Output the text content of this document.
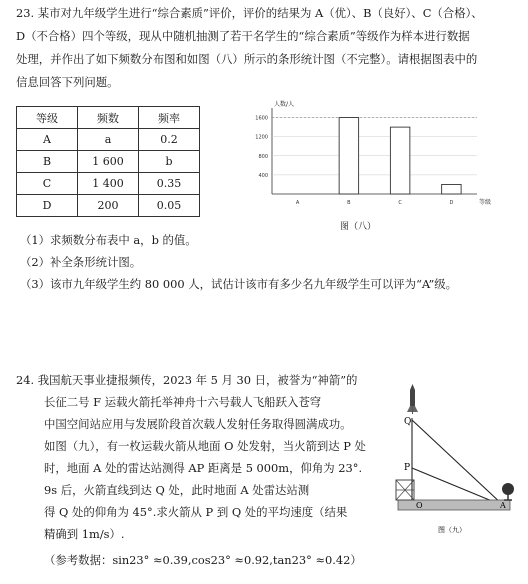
23. 某市对九年级学生进行“综合素质”评价，评价的结果为 A（优）、B（良好）、C（合格）、
D（不合格）四个等级，现从中随机抽测了若干名学生的“综合素质”等级作为样本进行数据
处理，并作出了如下频数分布图和如图（八）所示的条形统计图（不完整）。请根据图表中的
信息回答下列问题。
等级	频数	频率
A	a	0.2
B	1 600	b
C	1 400	0.35
D	200	0.05
人数/人
等级
400
800
1200
1600
A	B	C	D
图（八）
（1）求频数分布表中 a，b 的值。
（2）补全条形统计图。
（3）该市九年级学生约 80 000 人，试估计该市有多少名九年级学生可以评为“A”级。
24. 我国航天事业捷报频传，2023 年 5 月 30 日，被誉为“神箭”的
长征二号 F 运载火箭托举神舟十六号载人飞船跃入苍穹
中国空间站应用与发展阶段首次载人发射任务取得圆满成功。
如图（九），有一枚运载火箭从地面 O 处发射，当火箭到达 P 处
时，地面 A 处的雷达站测得 AP 距离是 5 000m，仰角为 23°.
9s 后，火箭直线到达 Q 处，此时地面 A 处雷达站测
得 Q 处的仰角为 45°.求火箭从 P 到 Q 处的平均速度（结果
精确到 1m/s）.
（参考数据：sin23° ≈0.39,cos23° ≈0.92,tan23° ≈0.42）
Q
P
O	A
图（九）
